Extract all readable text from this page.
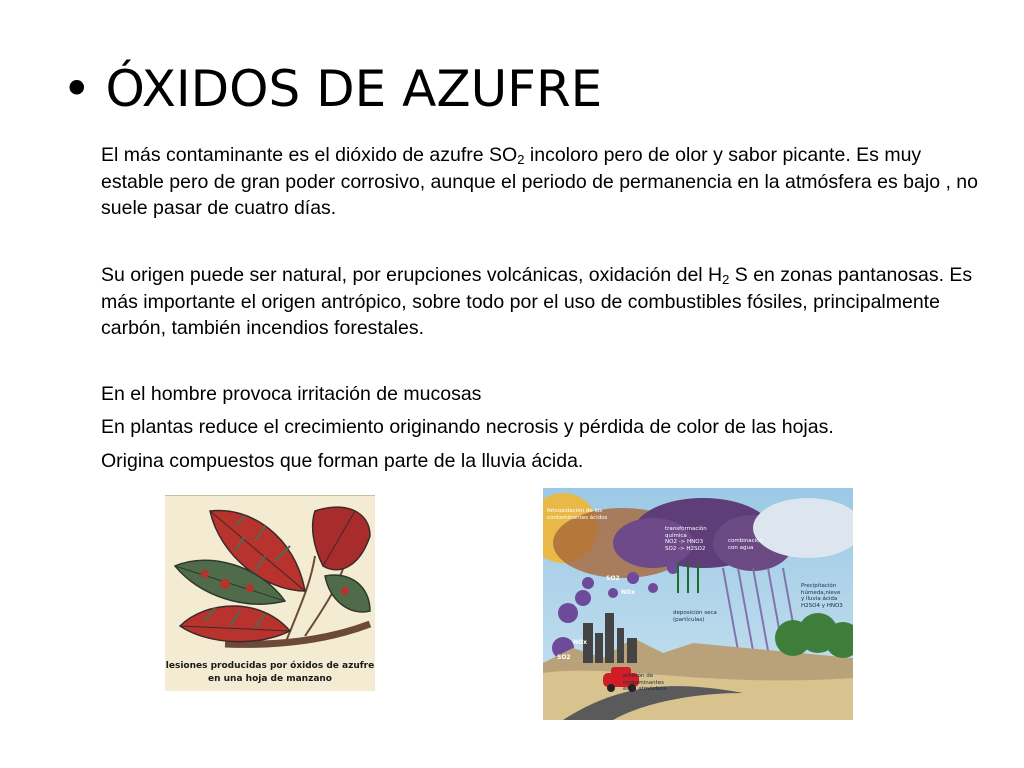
• ÓXIDOS DE AZUFRE

El más contaminante es el dióxido de azufre $SO_2$ incoloro pero de olor y sabor picante. Es muy estable pero de gran poder corrosivo, aunque el periodo de permanencia en la atmósfera es bajo , no suele pasar de cuatro días.

Su origen puede ser natural, por erupciones volcánicas, oxidación del $H_2$ S en zonas pantanosas. Es más importante el origen antrópico, sobre todo por el uso de combustibles fósiles, principalmente carbón, también incendios forestales.

En el hombre provoca irritación de mucosas

En plantas reduce el crecimiento originando necrosis y pérdida de color de las hojas.

Origina compuestos que forman parte de la lluvia ácida.

lesiones producidas por óxidos de azufre
en una hoja de manzano
fotooxidación de los
contaminantes ácidos
transformación
química
NO2 -> HNO3
SO2 -> H2SO2
combinación
con agua
Precipitación
húmeda,nieve
y lluvia ácida
H2SO4 y HNO3
deposición seca
(partículas)
emisión de
contaminantes
en la atmósfera
SO2
NOx
NOx
SO2
